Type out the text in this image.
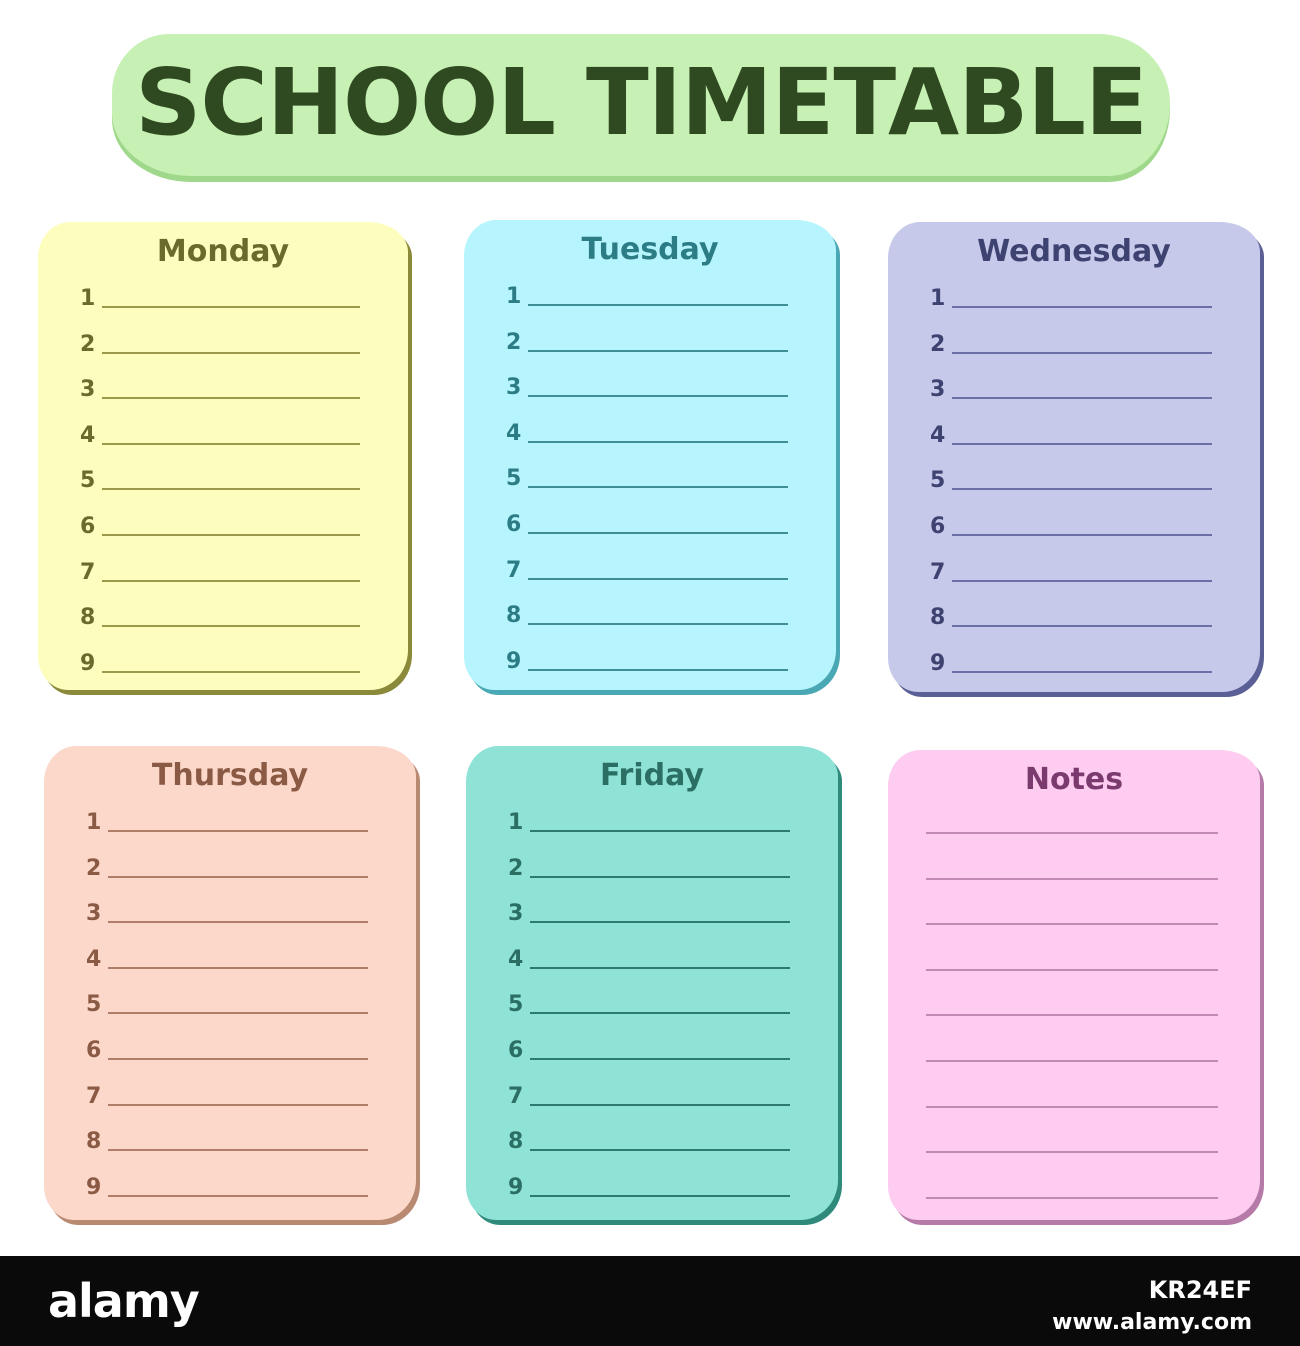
SCHOOL TIMETABLE
Monday
1
2
3
4
5
6
7
8
9
Tuesday
1
2
3
4
5
6
7
8
9
Wednesday
1
2
3
4
5
6
7
8
9
Thursday
1
2
3
4
5
6
7
8
9
Friday
1
2
3
4
5
6
7
8
9
Notes
alamy	KR24EF
www.alamy.com
